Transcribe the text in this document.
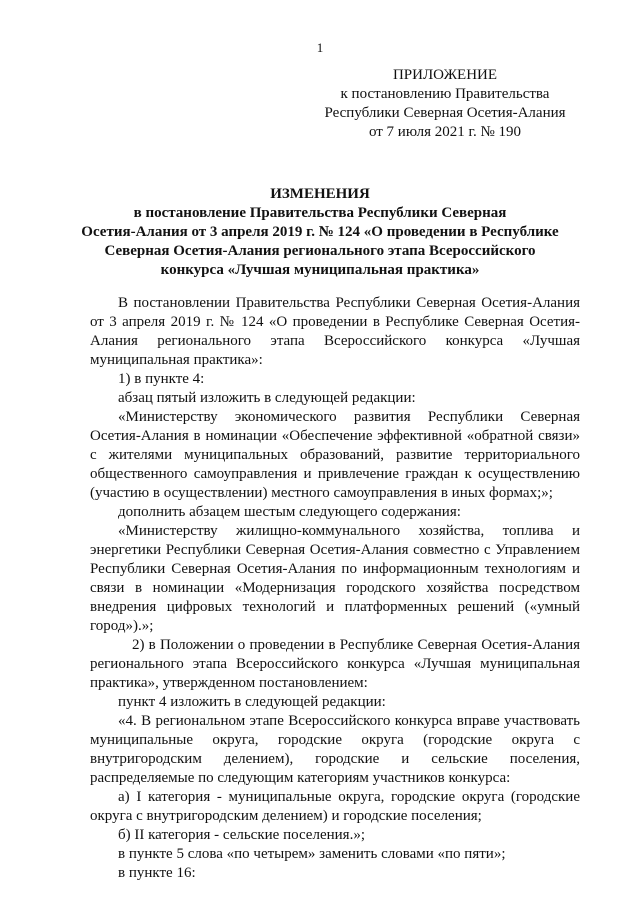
1
ПРИЛОЖЕНИЕ
к постановлению Правительства
Республики Северная Осетия-Алания
от 7 июля 2021 г. № 190
ИЗМЕНЕНИЯ
в постановление Правительства Республики Северная
Осетия-Алания от 3 апреля 2019 г. № 124 «О проведении в Республике
Северная Осетия-Алания регионального этапа Всероссийского
конкурса «Лучшая муниципальная практика»

В постановлении Правительства Республики Северная Осетия-Алания от 3 апреля 2019 г. № 124 «О проведении в Республике Северная Осетия-Алания регионального этапа Всероссийского конкурса «Лучшая муниципальная практика»:

1) в пункте 4:

абзац пятый изложить в следующей редакции:

«Министерству экономического развития Республики Северная Осетия-Алания в номинации «Обеспечение эффективной «обратной связи» с жителями муниципальных образований, развитие территориального общественного самоуправления и привлечение граждан к осуществлению (участию в осуществлении) местного самоуправления в иных формах;»;

дополнить абзацем шестым следующего содержания:

«Министерству жилищно-коммунального хозяйства, топлива и энергетики Республики Северная Осетия-Алания совместно с Управлением Республики Северная Осетия-Алания по информационным технологиям и связи в номинации «Модернизация городского хозяйства посредством внедрения цифровых технологий и платформенных решений («умный город»).»;

2) в Положении о проведении в Республике Северная Осетия-Алания регионального этапа Всероссийского конкурса «Лучшая муниципальная практика», утвержденном постановлением:

пункт 4 изложить в следующей редакции:

«4. В региональном этапе Всероссийского конкурса вправе участвовать муниципальные округа, городские округа (городские округа с внутригородским делением), городские и сельские поселения, распределяемые по следующим категориям участников конкурса:

а) I категория - муниципальные округа, городские округа (городские округа с внутригородским делением) и городские поселения;

б) II категория - сельские поселения.»;

в пункте 5 слова «по четырем» заменить словами «по пяти»;

в пункте 16:
